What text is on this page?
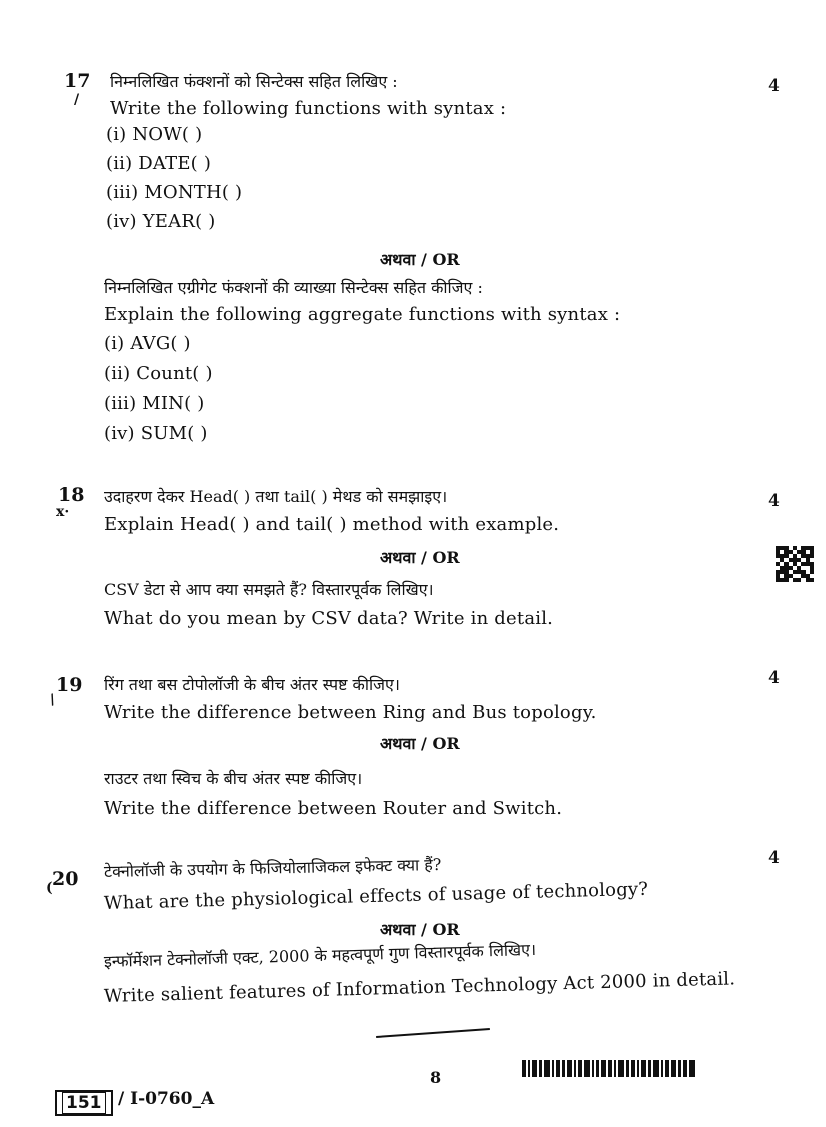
17
/
4
निम्नलिखित फंक्शनों को सिन्टेक्स सहित लिखिए :
Write the following functions with syntax :
(i) NOW( )
(ii) DATE( )
(iii) MONTH( )
(iv) YEAR( )
अथवा / OR
निम्नलिखित एग्रीगेट फंक्शनों की व्याख्या सिन्टेक्स सहित कीजिए :
Explain the following aggregate functions with syntax :
(i) AVG( )
(ii) Count( )
(iii) MIN( )
(iv) SUM( )
18
x·
4
उदाहरण देकर Head( ) तथा tail( ) मेथड को समझाइए।
Explain Head( ) and tail( ) method with example.
अथवा / OR
CSV डेटा से आप क्या समझते हैं? विस्तारपूर्वक लिखिए।
What do you mean by CSV data? Write in detail.
19
/
4
रिंग तथा बस टोपोलॉजी के बीच अंतर स्पष्ट कीजिए।
Write the difference between Ring and Bus topology.
अथवा / OR
राउटर तथा स्विच के बीच अंतर स्पष्ट कीजिए।
Write the difference between Router and Switch.
20
(
4
टेक्नोलॉजी के उपयोग के फिजियोलाजिकल इफेक्ट क्या हैं?
What are the physiological effects of usage of technology?
अथवा / OR
इन्फॉर्मेशन टेक्नोलॉजी एक्ट, 2000 के महत्वपूर्ण गुण विस्तारपूर्वक लिखिए।
Write salient features of Information Technology Act 2000 in detail.
8
151 / I-0760_A
